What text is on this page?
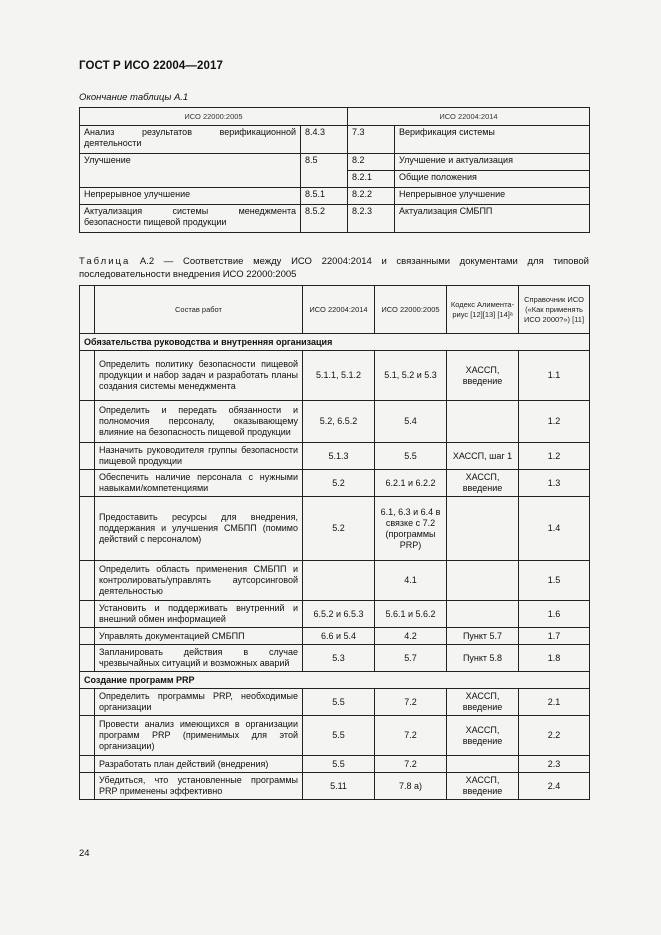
ГОСТ Р ИСО 22004—2017
Окончание таблицы А.1
ИСО 22000:2005		ИСО 22004:2014	
Анализ результатов верификационной деятельности	8.4.3	7.3	Верификация системы
Улучшение	8.5	8.2	Улучшение и актуализация
		8.2.1	Общие положения
Непрерывное улучшение	8.5.1	8.2.2	Непрерывное улучшение
Актуализация системы менеджмента безопасности пищевой продукции	8.5.2	8.2.3	Актуализация СМБПП
Таблица А.2 — Соответствие между ИСО 22004:2014 и связанными документами для типовой последовательности внедрения ИСО 22000:2005
	Состав работ	ИСО 22004:2014	ИСО 22000:2005	Кодекс Алимента-риус [12][13] [14]ᵃ	Справочник ИСО («Как применять ИСО 2000?») [11]
Обязательства руководства и внутренняя организация					
	Определить политику безопасности пищевой продукции и набор задач и разработать планы создания системы менеджмента	5.1.1, 5.1.2	5.1, 5.2 и 5.3	ХАССП, введение	1.1
	Определить и передать обязанности и полномочия персоналу, оказывающему влияние на безопасность пищевой продукции	5.2, 6.5.2	5.4		1.2
	Назначить руководителя группы безопасности пищевой продукции	5.1.3	5.5	ХАССП, шаг 1	1.2
	Обеспечить наличие персонала с нужными навыками/компетенциями	5.2	6.2.1 и 6.2.2	ХАССП, введение	1.3
	Предоставить ресурсы для внедрения, поддержания и улучшения СМБПП (помимо действий с персоналом)	5.2	6.1, 6.3 и 6.4 в связке с 7.2 (программы PRP)		1.4
	Определить область применения СМБПП и контролировать/управлять аутсорсинговой деятельностью		4.1		1.5
	Установить и поддерживать внутренний и внешний обмен информацией	6.5.2 и 6.5.3	5.6.1 и 5.6.2		1.6
	Управлять документацией СМБПП	6.6 и 5.4	4.2	Пункт 5.7	1.7
	Запланировать действия в случае чрезвычайных ситуаций и возможных аварий	5.3	5.7	Пункт 5.8	1.8
Создание программ PRP					
	Определить программы PRP, необходимые организации	5.5	7.2	ХАССП, введение	2.1
	Провести анализ имеющихся в организации программ PRP (применимых для этой организации)	5.5	7.2	ХАССП, введение	2.2
	Разработать план действий (внедрения)	5.5	7.2		2.3
	Убедиться, что установленные программы PRP применены эффективно	5.11	7.8 а)	ХАССП, введение	2.4
24
